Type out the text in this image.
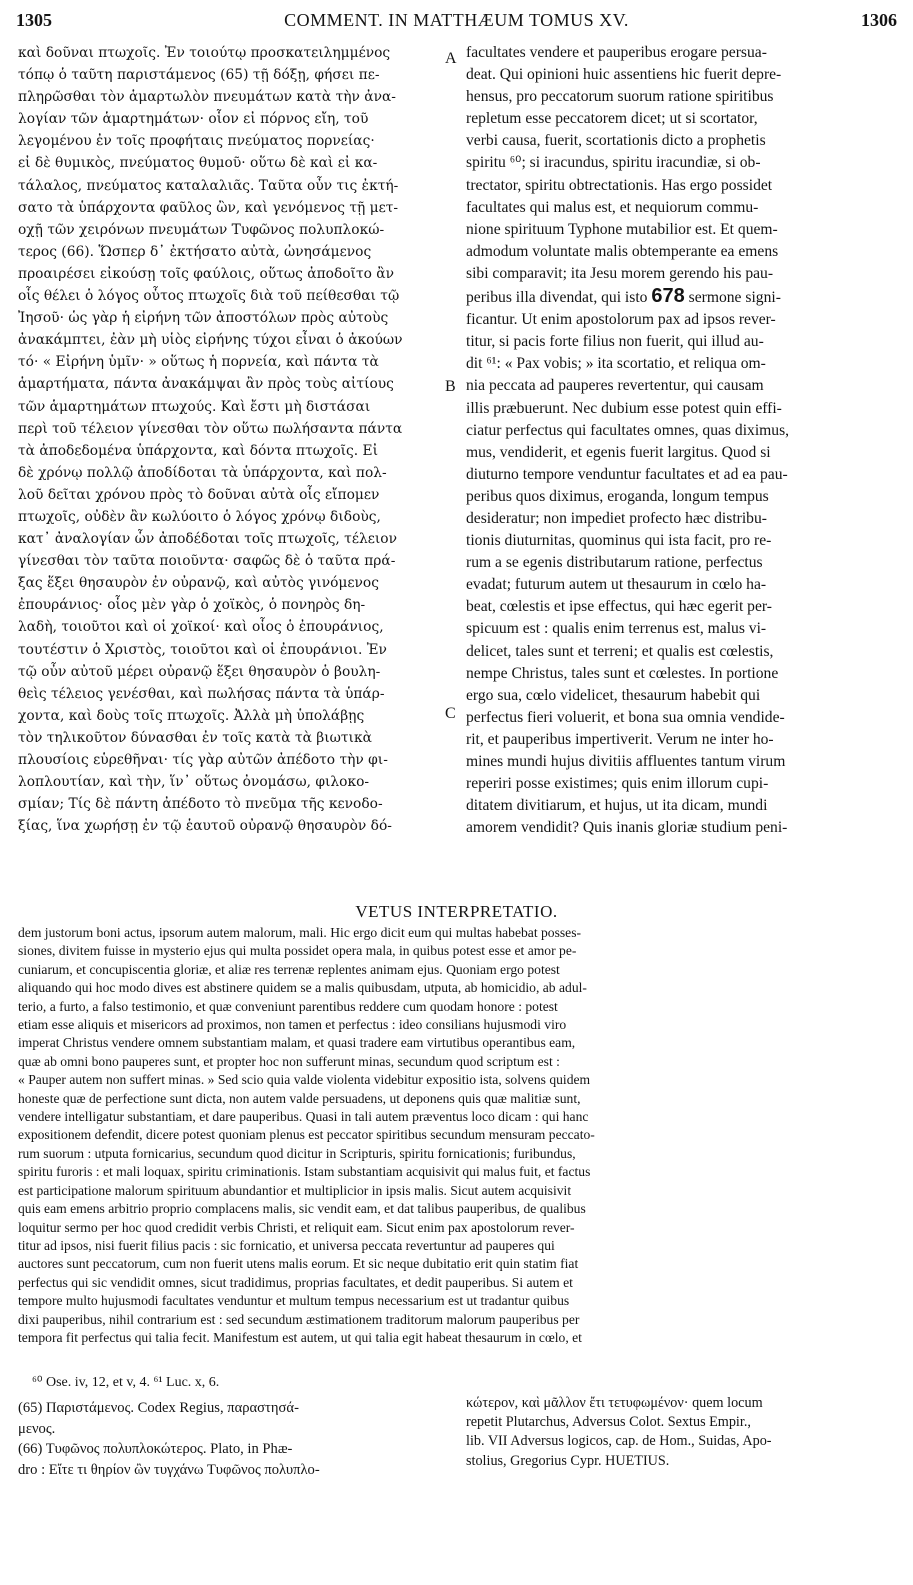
1305	COMMENT. IN MATTHÆUM TOMUS XV.	1306
καὶ δοῦναι πτωχοῖς. Ἐν τοιούτῳ προσκατειλημμένος
τόπῳ ὁ ταῦτη παριστάμενος (65) τῇ δόξῃ, φήσει πε-
πληρῶσθαι τὸν ἁμαρτωλὸν πνευμάτων κατὰ τὴν ἀνα-
λογίαν τῶν ἁμαρτημάτων· οἷον εἰ πόρνος εἴη, τοῦ
λεγομένου ἐν τοῖς προφήταις πνεύματος πορνείας·
εἰ δὲ θυμικὸς, πνεύματος θυμοῦ· οὕτω δὲ καὶ εἰ κα-
τάλαλος, πνεύματος καταλαλιᾶς. Ταῦτα οὖν τις ἐκτή-
σατο τὰ ὑπάρχοντα φαῦλος ὢν, καὶ γενόμενος τῇ μετ-
οχῇ τῶν χειρόνων πνευμάτων Τυφῶνος πολυπλοκώ-
τερος (66). Ὥσπερ δ᾽ ἐκτήσατο αὐτὰ, ὠνησάμενος
προαιρέσει εἰκούσῃ τοῖς φαύλοις, οὕτως ἀποδοῖτο ἂν
οἷς θέλει ὁ λόγος οὗτος πτωχοῖς διὰ τοῦ πείθεσθαι τῷ
Ἰησοῦ· ὡς γὰρ ἡ εἰρήνη τῶν ἀποστόλων πρὸς αὐτοὺς
ἀνακάμπτει, ἐὰν μὴ υἱὸς εἰρήνης τύχοι εἶναι ὁ ἀκούων
τό· « Εἰρήνη ὑμῖν· » οὕτως ἡ πορνεία, καὶ πάντα τὰ
ἁμαρτήματα, πάντα ἀνακάμψαι ἂν πρὸς τοὺς αἰτίους
τῶν ἁμαρτημάτων πτωχούς. Καὶ ἔστι μὴ διστάσαι
περὶ τοῦ τέλειον γίνεσθαι τὸν οὕτω πωλήσαντα πάντα
τὰ ἀποδεδομένα ὑπάρχοντα, καὶ δόντα πτωχοῖς. Εἰ
δὲ χρόνῳ πολλῷ ἀποδίδοται τὰ ὑπάρχοντα, καὶ πολ-
λοῦ δεῖται χρόνου πρὸς τὸ δοῦναι αὐτὰ οἷς εἴπομεν
πτωχοῖς, οὐδὲν ἂν κωλύοιτο ὁ λόγος χρόνῳ διδοὺς,
κατ᾽ ἀναλογίαν ὧν ἀποδέδοται τοῖς πτωχοῖς, τέλειον
γίνεσθαι τὸν ταῦτα ποιοῦντα· σαφῶς δὲ ὁ ταῦτα πρά-
ξας ἕξει θησαυρὸν ἐν οὐρανῷ, καὶ αὐτὸς γινόμενος
ἐπουράνιος· οἷος μὲν γὰρ ὁ χοϊκὸς, ὁ πονηρὸς δη-
λαδὴ, τοιοῦτοι καὶ οἱ χοϊκοί· καὶ οἷος ὁ ἐπουράνιος,
τουτέστιν ὁ Χριστὸς, τοιοῦτοι καὶ οἱ ἐπουράνιοι. Ἐν
τῷ οὖν αὐτοῦ μέρει οὐρανῷ ἕξει θησαυρὸν ὁ βουλη-
θεὶς τέλειος γενέσθαι, καὶ πωλήσας πάντα τὰ ὑπάρ-
χοντα, καὶ δοὺς τοῖς πτωχοῖς. Ἀλλὰ μὴ ὑπολάβῃς
τὸν τηλικοῦτον δύνασθαι ἐν τοῖς κατὰ τὰ βιωτικὰ
πλουσίοις εὑρεθῆναι· τίς γὰρ αὐτῶν ἀπέδοτο τὴν φι-
λοπλουτίαν, καὶ τὴν, ἵν᾽ οὕτως ὀνομάσω, φιλοκο-
σμίαν; Τίς δὲ πάντη ἀπέδοτο τὸ πνεῦμα τῆς κενοδο-
ξίας, ἵνα χωρήσῃ ἐν τῷ ἑαυτοῦ οὐρανῷ θησαυρὸν δό-
facultates vendere et pauperibus erogare persua-
deat. Qui opinioni huic assentiens hic fuerit depre-
hensus, pro peccatorum suorum ratione spiritibus
repletum esse peccatorem dicet; ut si scortator,
verbi causa, fuerit, scortationis dicto a prophetis
spiritu ⁶⁰; si iracundus, spiritu iracundiæ, si ob-
trectator, spiritu obtrectationis. Has ergo possidet
facultates qui malus est, et nequiorum commu-
nione spirituum Typhone mutabilior est. Et quem-
admodum voluntate malis obtemperante ea emens
sibi comparavit; ita Jesu morem gerendo his pau-
peribus illa divendat, qui isto 678 sermone signi-
ficantur. Ut enim apostolorum pax ad ipsos rever-
titur, si pacis forte filius non fuerit, qui illud au-
dit ⁶¹: « Pax vobis; » ita scortatio, et reliqua om-
nia peccata ad pauperes revertentur, qui causam
illis præbuerunt. Nec dubium esse potest quin effi-
ciatur perfectus qui facultates omnes, quas diximus,
mus, vendiderit, et egenis fuerit largitus. Quod si
diuturno tempore venduntur facultates et ad ea pau-
peribus quos diximus, eroganda, longum tempus
desideratur; non impediet profecto hæc distribu-
tionis diuturnitas, quominus qui ista facit, pro re-
rum a se egenis distributarum ratione, perfectus
evadat; futurum autem ut thesaurum in cœlo ha-
beat, cœlestis et ipse effectus, qui hæc egerit per-
spicuum est : qualis enim terrenus est, malus vi-
delicet, tales sunt et terreni; et qualis est cœlestis,
nempe Christus, tales sunt et cœlestes. In portione
ergo sua, cœlo videlicet, thesaurum habebit qui
perfectus fieri voluerit, et bona sua omnia vendide-
rit, et pauperibus impertiverit. Verum ne inter ho-
mines mundi hujus divitiis affluentes tantum virum
reperiri posse existimes; quis enim illorum cupi-
ditatem divitiarum, et hujus, ut ita dicam, mundi
amorem vendidit? Quis inanis gloriæ studium peni-
A
B
C
VETUS INTERPRETATIO.
dem justorum boni actus, ipsorum autem malorum, mali. Hic ergo dicit eum qui multas habebat posses-
siones, divitem fuisse in mysterio ejus qui multa possidet opera mala, in quibus potest esse et amor pe-
cuniarum, et concupiscentia gloriæ, et aliæ res terrenæ replentes animam ejus. Quoniam ergo potest
aliquando qui hoc modo dives est abstinere quidem se a malis quibusdam, utputa, ab homicidio, ab adul-
terio, a furto, a falso testimonio, et quæ conveniunt parentibus reddere cum quodam honore : potest
etiam esse aliquis et misericors ad proximos, non tamen et perfectus : ideo consilians hujusmodi viro
imperat Christus vendere omnem substantiam malam, et quasi tradere eam virtutibus operantibus eam,
quæ ab omni bono pauperes sunt, et propter hoc non sufferunt minas, secundum quod scriptum est :
« Pauper autem non suffert minas. » Sed scio quia valde violenta videbitur expositio ista, solvens quidem
honeste quæ de perfectione sunt dicta, non autem valde persuadens, ut deponens quis quæ malitiæ sunt,
vendere intelligatur substantiam, et dare pauperibus. Quasi in tali autem præventus loco dicam : qui hanc
expositionem defendit, dicere potest quoniam plenus est peccator spiritibus secundum mensuram peccato-
rum suorum : utputa fornicarius, secundum quod dicitur in Scripturis, spiritu fornicationis; furibundus,
spiritu furoris : et mali loquax, spiritu criminationis. Istam substantiam acquisivit qui malus fuit, et factus
est participatione malorum spirituum abundantior et multiplicior in ipsis malis. Sicut autem acquisivit
quis eam emens arbitrio proprio complacens malis, sic vendit eam, et dat talibus pauperibus, de qualibus
loquitur sermo per hoc quod credidit verbis Christi, et reliquit eam. Sicut enim pax apostolorum rever-
titur ad ipsos, nisi fuerit filius pacis : sic fornicatio, et universa peccata revertuntur ad pauperes qui
auctores sunt peccatorum, cum non fuerit utens malis eorum. Et sic neque dubitatio erit quin statim fiat
perfectus qui sic vendidit omnes, sicut tradidimus, proprias facultates, et dedit pauperibus. Si autem et
tempore multo hujusmodi facultates venduntur et multum tempus necessarium est ut tradantur quibus
dixi pauperibus, nihil contrarium est : sed secundum æstimationem traditorum malorum pauperibus per
tempora fit perfectus qui talia fecit. Manifestum est autem, ut qui talia egit habeat thesaurum in cœlo, et
⁶⁰ Ose. iv, 12, et v, 4. ⁶¹ Luc. x, 6.
(65) Παριστάμενος. Codex Regius, παραστησά-
μενος.
(66) Τυφῶνος πολυπλοκώτερος. Plato, in Phæ-
dro : Εἴτε τι θηρίον ὢν τυγχάνω Τυφῶνος πολυπλο-
κώτερον, καὶ μᾶλλον ἔτι τετυφωμένον· quem locum
repetit Plutarchus, Adversus Colot. Sextus Empir.,
lib. VII Adversus logicos, cap. de Hom., Suidas, Apo-
stolius, Gregorius Cypr. HUETIUS.
